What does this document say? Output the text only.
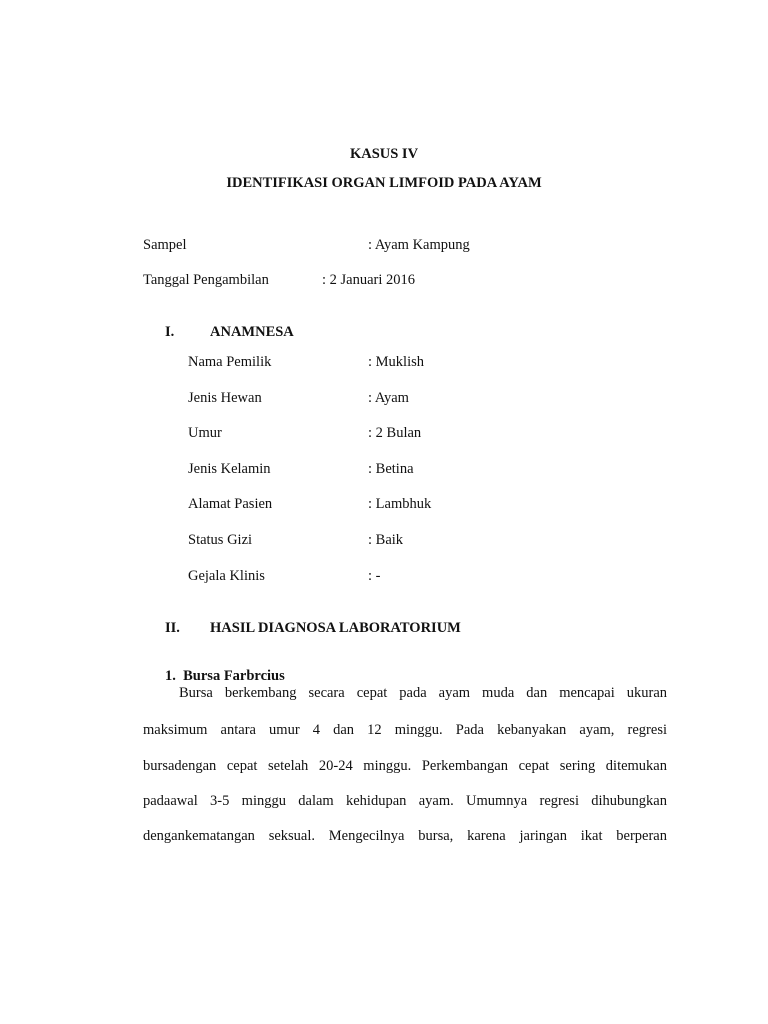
KASUS IV
IDENTIFIKASI ORGAN LIMFOID PADA AYAM
Sampel	: Ayam Kampung
Tanggal Pengambilan	: 2 Januari 2016
I. ANAMNESA
Nama Pemilik	: Muklish
Jenis Hewan	: Ayam
Umur	: 2 Bulan
Jenis Kelamin	: Betina
Alamat Pasien	: Lambhuk
Status Gizi	: Baik
Gejala Klinis	: -
II. HASIL DIAGNOSA LABORATORIUM
1.  Bursa Farbrcius
Bursa berkembang secara cepat pada ayam muda dan mencapai ukuran
maksimum antara umur 4 dan 12 minggu. Pada kebanyakan ayam, regresi
bursadengan cepat setelah 20-24 minggu. Perkembangan cepat sering ditemukan
padaawal 3-5 minggu dalam kehidupan ayam. Umumnya regresi dihubungkan
dengankematangan seksual. Mengecilnya bursa, karena jaringan ikat berperan
